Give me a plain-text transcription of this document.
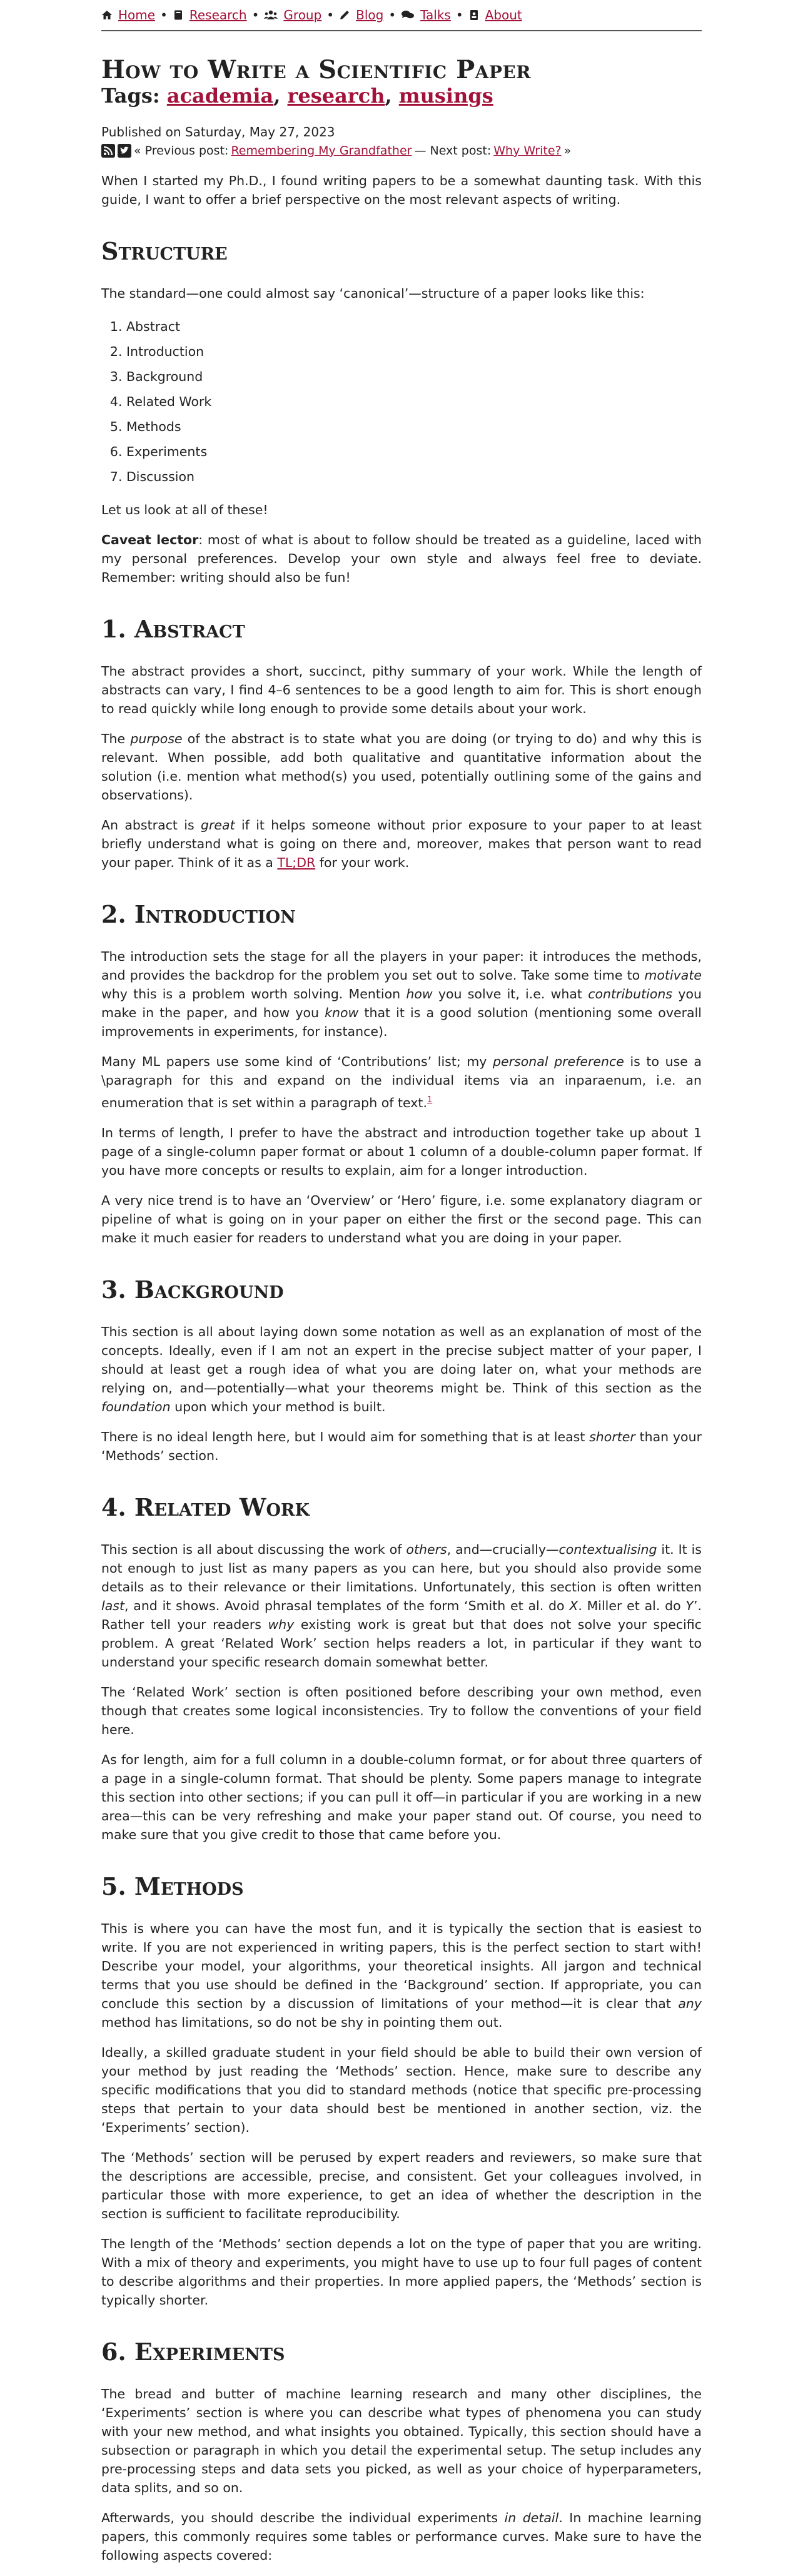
Home • Research • Group • Blog • Talks • About
How to Write a Scientific Paper
Tags: academia, research, musings
Published on Saturday, May 27, 2023
« Previous post: Remembering My Grandfather — Next post: Why Write? »

When I started my Ph.D., I found writing papers to be a somewhat daunting task. With this guide, I want to offer a brief perspective on the most relevant aspects of writing.

Structure

The standard—one could almost say ‘canonical’—structure of a paper looks like this:

1. Abstract
2. Introduction
3. Background
4. Related Work
5. Methods
6. Experiments
7. Discussion

Let us look at all of these!

Caveat lector: most of what is about to follow should be treated as a guideline, laced with my personal preferences. Develop your own style and always feel free to deviate. Remember: writing should also be fun!

1. Abstract

The abstract provides a short, succinct, pithy summary of your work. While the length of abstracts can vary, I find 4–6 sentences to be a good length to aim for. This is short enough to read quickly while long enough to provide some details about your work.

The purpose of the abstract is to state what you are doing (or trying to do) and why this is relevant. When possible, add both qualitative and quantitative information about the solution (i.e. mention what method(s) you used, potentially outlining some of the gains and observations).

An abstract is great if it helps someone without prior exposure to your paper to at least briefly understand what is going on there and, moreover, makes that person want to read your paper. Think of it as a TL;DR for your work.

2. Introduction

The introduction sets the stage for all the players in your paper: it introduces the methods, and provides the backdrop for the problem you set out to solve. Take some time to motivate why this is a problem worth solving. Mention how you solve it, i.e. what contributions you make in the paper, and how you know that it is a good solution (mentioning some overall improvements in experiments, for instance).

Many ML papers use some kind of ‘Contributions’ list; my personal preference is to use a \paragraph for this and expand on the individual items via an inparaenum, i.e. an enumeration that is set within a paragraph of text.$^1$

In terms of length, I prefer to have the abstract and introduction together take up about 1 page of a single-column paper format or about 1 column of a double-column paper format. If you have more concepts or results to explain, aim for a longer introduction.

A very nice trend is to have an ‘Overview’ or ‘Hero’ figure, i.e. some explanatory diagram or pipeline of what is going on in your paper on either the first or the second page. This can make it much easier for readers to understand what you are doing in your paper.

3. Background

This section is all about laying down some notation as well as an explanation of most of the concepts. Ideally, even if I am not an expert in the precise subject matter of your paper, I should at least get a rough idea of what you are doing later on, what your methods are relying on, and—potentially—what your theorems might be. Think of this section as the foundation upon which your method is built.

There is no ideal length here, but I would aim for something that is at least shorter than your ‘Methods’ section.

4. Related Work

This section is all about discussing the work of others, and—crucially—contextualising it. It is not enough to just list as many papers as you can here, but you should also provide some details as to their relevance or their limitations. Unfortunately, this section is often written last, and it shows. Avoid phrasal templates of the form ‘Smith et al. do X. Miller et al. do Y’. Rather tell your readers why existing work is great but that does not solve your specific problem. A great ‘Related Work’ section helps readers a lot, in particular if they want to understand your specific research domain somewhat better.

The ‘Related Work’ section is often positioned before describing your own method, even though that creates some logical inconsistencies. Try to follow the conventions of your field here.

As for length, aim for a full column in a double-column format, or for about three quarters of a page in a single-column format. That should be plenty. Some papers manage to integrate this section into other sections; if you can pull it off—in particular if you are working in a new area—this can be very refreshing and make your paper stand out. Of course, you need to make sure that you give credit to those that came before you.

5. Methods

This is where you can have the most fun, and it is typically the section that is easiest to write. If you are not experienced in writing papers, this is the perfect section to start with! Describe your model, your algorithms, your theoretical insights. All jargon and technical terms that you use should be defined in the ‘Background’ section. If appropriate, you can conclude this section by a discussion of limitations of your method—it is clear that any method has limitations, so do not be shy in pointing them out.

Ideally, a skilled graduate student in your field should be able to build their own version of your method by just reading the ‘Methods’ section. Hence, make sure to describe any specific modifications that you did to standard methods (notice that specific pre-processing steps that pertain to your data should best be mentioned in another section, viz. the ‘Experiments’ section).

The ‘Methods’ section will be perused by expert readers and reviewers, so make sure that the descriptions are accessible, precise, and consistent. Get your colleagues involved, in particular those with more experience, to get an idea of whether the description in the section is sufficient to facilitate reproducibility.

The length of the ‘Methods’ section depends a lot on the type of paper that you are writing. With a mix of theory and experiments, you might have to use up to four full pages of content to describe algorithms and their properties. In more applied papers, the ‘Methods’ section is typically shorter.

6. Experiments

The bread and butter of machine learning research and many other disciplines, the ‘Experiments’ section is where you can describe what types of phenomena you can study with your new method, and what insights you obtained. Typically, this section should have a subsection or paragraph in which you detail the experimental setup. The setup includes any pre-processing steps and data sets you picked, as well as your choice of hyperparameters, data splits, and so on.

Afterwards, you should describe the individual experiments in detail. In machine learning papers, this commonly requires some tables or performance curves. Make sure to have the following aspects covered:
